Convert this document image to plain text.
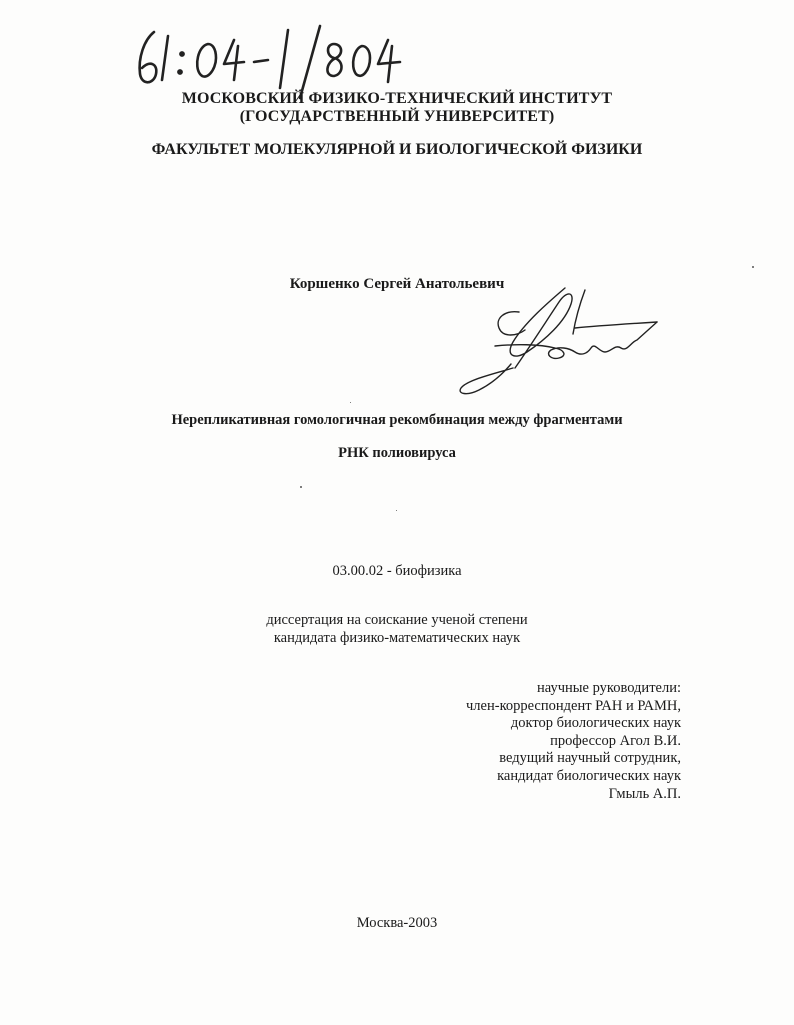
МОСКОВСКИЙ ФИЗИКО-ТЕХНИЧЕСКИЙ ИНСТИТУТ
(ГОСУДАРСТВЕННЫЙ УНИВЕРСИТЕТ)
ФАКУЛЬТЕТ МОЛЕКУЛЯРНОЙ И БИОЛОГИЧЕСКОЙ ФИЗИКИ
Коршенко Сергей Анатольевич
Нерепликативная гомологичная рекомбинация между фрагментами
РНК полиовируса
03.00.02 - биофизика
диссертация на соискание ученой степени
кандидата физико-математических наук
научные руководители:
член-корреспондент РАН и РАМН,
доктор биологических наук
профессор Агол В.И.
ведущий научный сотрудник,
кандидат биологических наук
Гмыль А.П.
Москва-2003
